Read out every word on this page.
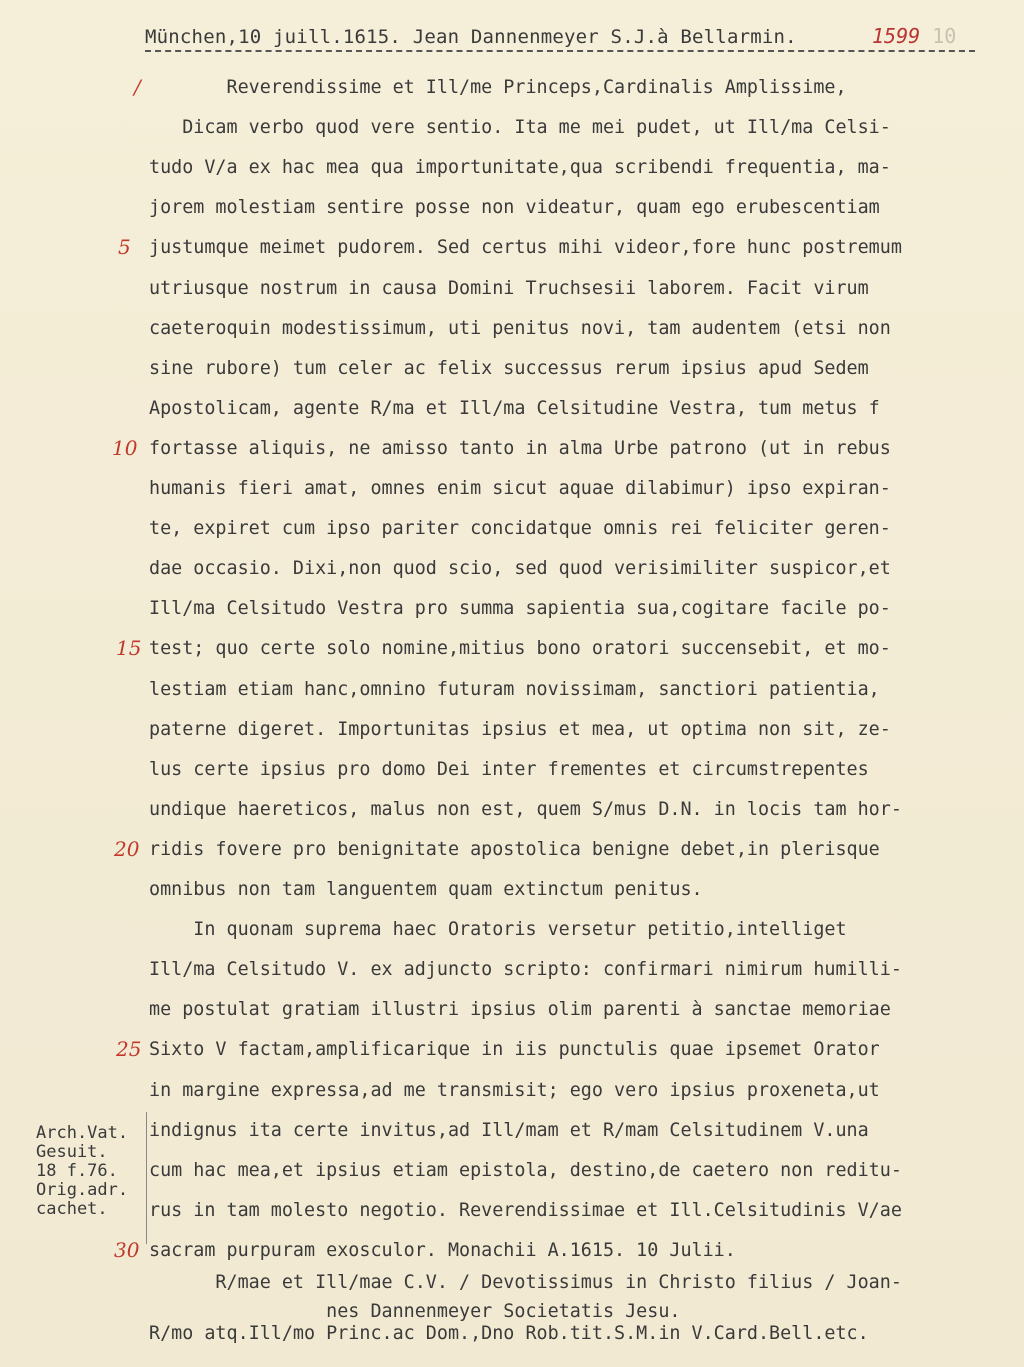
München,10 juill.1615. Jean Dannenmeyer S.J.à Bellarmin.	1599 10
Reverendissime et Ill/me Princeps,Cardinalis Amplissime,
/
Dicam verbo quod vere sentio. Ita me mei pudet, ut Ill/ma Celsi-
tudo V/a ex hac mea qua importunitate,qua scribendi frequentia, ma-
jorem molestiam sentire posse non videatur, quam ego erubescentiam
justumque meimet pudorem. Sed certus mihi videor,fore hunc postremum
5
utriusque nostrum in causa Domini Truchsesii laborem. Facit virum
caeteroquin modestissimum, uti penitus novi, tam audentem (etsi non
sine rubore) tum celer ac felix successus rerum ipsius apud Sedem
Apostolicam, agente R/ma et Ill/ma Celsitudine Vestra, tum metus f
fortasse aliquis, ne amisso tanto in alma Urbe patrono (ut in rebus
10
humanis fieri amat, omnes enim sicut aquae dilabimur) ipso expiran-
te, expiret cum ipso pariter concidatque omnis rei feliciter geren-
dae occasio. Dixi,non quod scio, sed quod verisimiliter suspicor,et
Ill/ma Celsitudo Vestra pro summa sapientia sua,cogitare facile po-
test; quo certe solo nomine,mitius bono oratori succensebit, et mo-
15
lestiam etiam hanc,omnino futuram novissimam, sanctiori patientia,
paterne digeret. Importunitas ipsius et mea, ut optima non sit, ze-
lus certe ipsius pro domo Dei inter frementes et circumstrepentes
undique haereticos, malus non est, quem S/mus D.N. in locis tam hor-
ridis fovere pro benignitate apostolica benigne debet,in plerisque
20
omnibus non tam languentem quam extinctum penitus.
In quonam suprema haec Oratoris versetur petitio,intelliget
Ill/ma Celsitudo V. ex adjuncto scripto: confirmari nimirum humilli-
me postulat gratiam illustri ipsius olim parenti à sanctae memoriae
Sixto V factam,amplificarique in iis punctulis quae ipsemet Orator
25
in margine expressa,ad me transmisit; ego vero ipsius proxeneta,ut
indignus ita certe invitus,ad Ill/mam et R/mam Celsitudinem V.una
cum hac mea,et ipsius etiam epistola, destino,de caetero non reditu-
rus in tam molesto negotio. Reverendissimae et Ill.Celsitudinis V/ae
sacram purpuram exosculor. Monachii A.1615. 10 Julii.
30
R/mae et Ill/mae C.V. / Devotissimus in Christo filius / Joan-
nes Dannenmeyer Societatis Jesu.
R/mo atq.Ill/mo Princ.ac Dom.,Dno Rob.tit.S.M.in V.Card.Bell.etc.
Arch.Vat.
Gesuit.
18 f.76.
Orig.adr.
cachet.
